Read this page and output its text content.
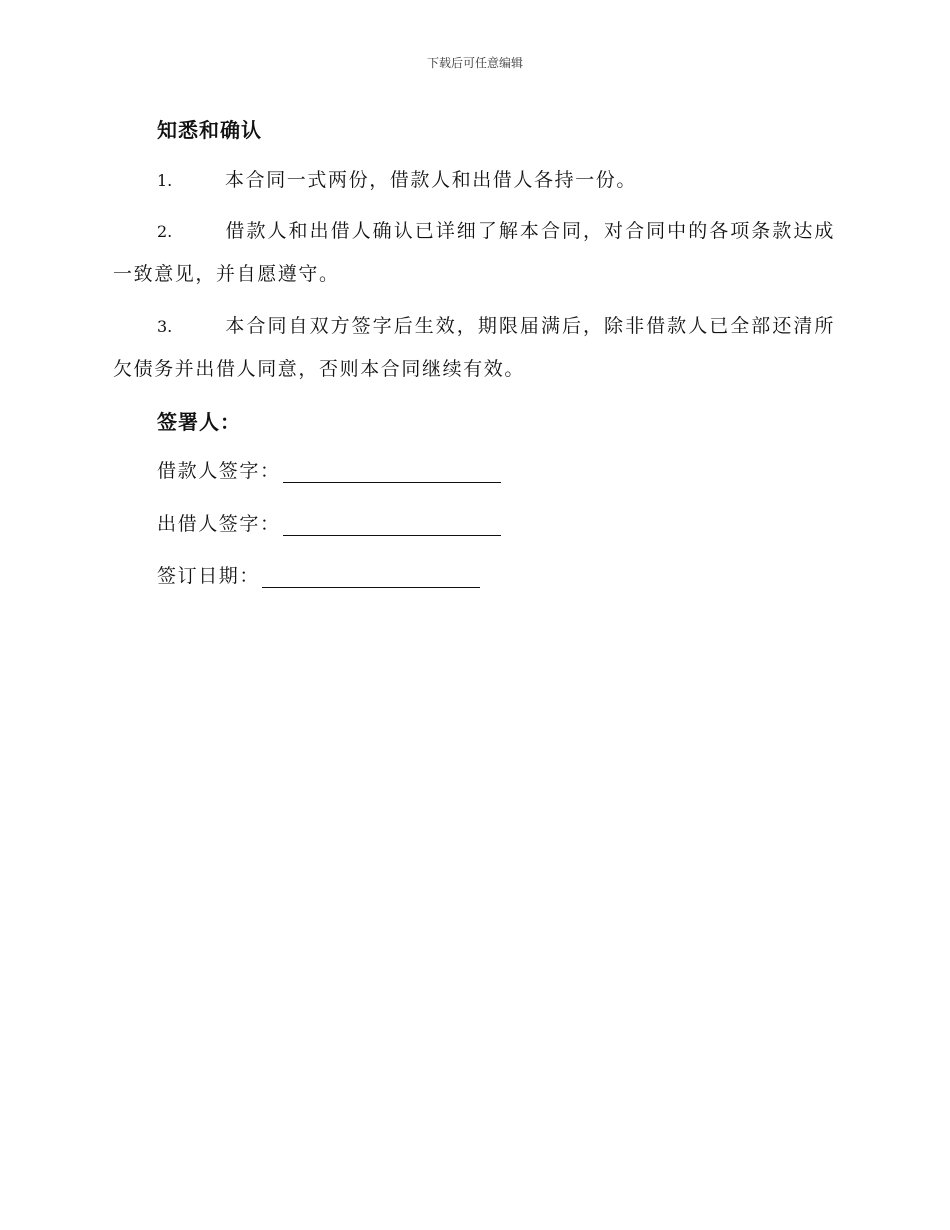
下载后可任意编辑
知悉和确认
1.	本合同一式两份，借款人和出借人各持一份。
2.	借款人和出借人确认已详细了解本合同，对合同中的各项条款达成一致意见，并自愿遵守。
3.	本合同自双方签字后生效，期限届满后，除非借款人已全部还清所欠债务并出借人同意，否则本合同继续有效。
签署人：
借款人签字：
出借人签字：
签订日期：
